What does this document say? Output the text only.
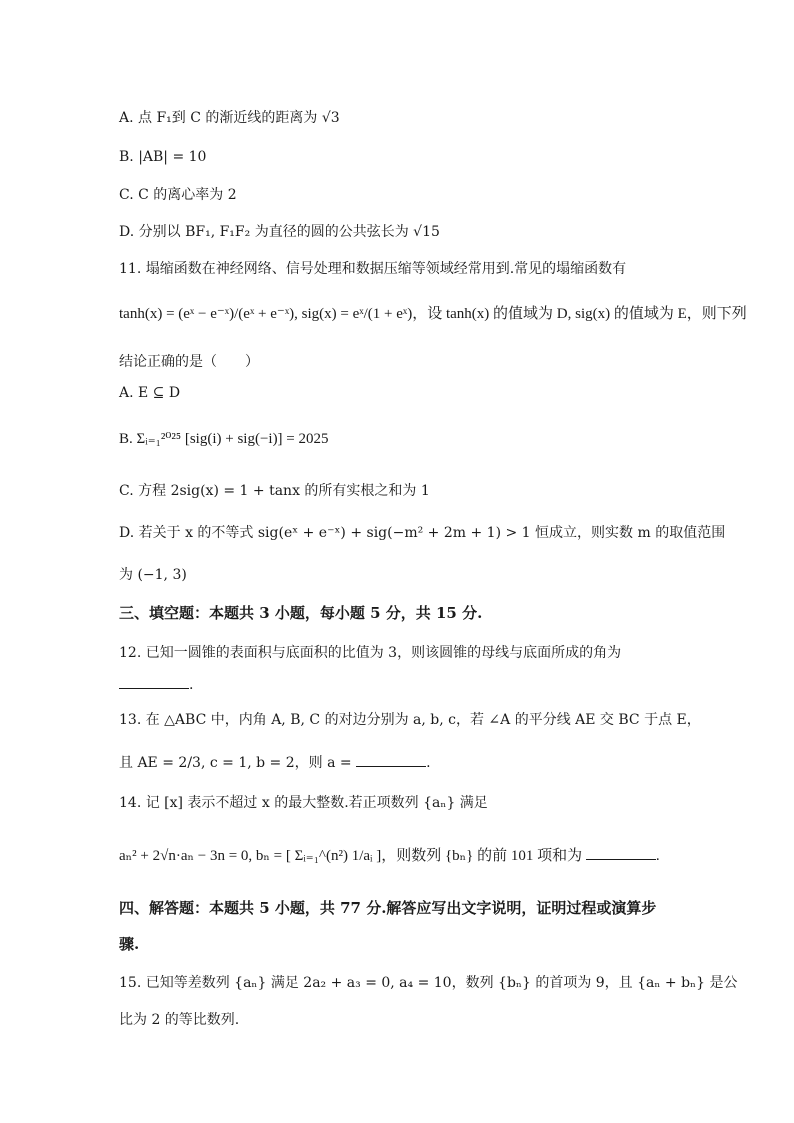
A. 点 F₁到 C 的渐近线的距离为 √3
B. |AB| = 10
C. C 的离心率为 2
D. 分别以 BF₁, F₁F₂ 为直径的圆的公共弦长为 √15
11. 塌缩函数在神经网络、信号处理和数据压缩等领域经常用到.常见的塌缩函数有
tanh(x) = (eˣ − e⁻ˣ)/(eˣ + e⁻ˣ), sig(x) = eˣ/(1 + eˣ)，设 tanh(x) 的值域为 D, sig(x) 的值域为 E，则下列
结论正确的是（　　）
A. E ⊆ D
B. Σᵢ₌₁²⁰²⁵ [sig(i) + sig(−i)] = 2025
C. 方程 2sig(x) = 1 + tanx 的所有实根之和为 1
D. 若关于 x 的不等式 sig(eˣ + e⁻ˣ) + sig(−m² + 2m + 1) > 1 恒成立，则实数 m 的取值范围
为 (−1, 3)
三、填空题：本题共 3 小题，每小题 5 分，共 15 分.
12. 已知一圆锥的表面积与底面积的比值为 3，则该圆锥的母线与底面所成的角为
.
13. 在 △ABC 中，内角 A, B, C 的对边分别为 a, b, c，若 ∠A 的平分线 AE 交 BC 于点 E，
且 AE = 2/3, c = 1, b = 2，则 a =	.
14. 记 [x] 表示不超过 x 的最大整数.若正项数列 {aₙ} 满足
aₙ² + 2√n·aₙ − 3n = 0, bₙ = [ Σᵢ₌₁^(n²) 1/aᵢ ]，则数列 {bₙ} 的前 101 项和为	.
四、解答题：本题共 5 小题，共 77 分.解答应写出文字说明，证明过程或演算步
骤.
15. 已知等差数列 {aₙ} 满足 2a₂ + a₃ = 0, a₄ = 10，数列 {bₙ} 的首项为 9，且 {aₙ + bₙ} 是公
比为 2 的等比数列.
